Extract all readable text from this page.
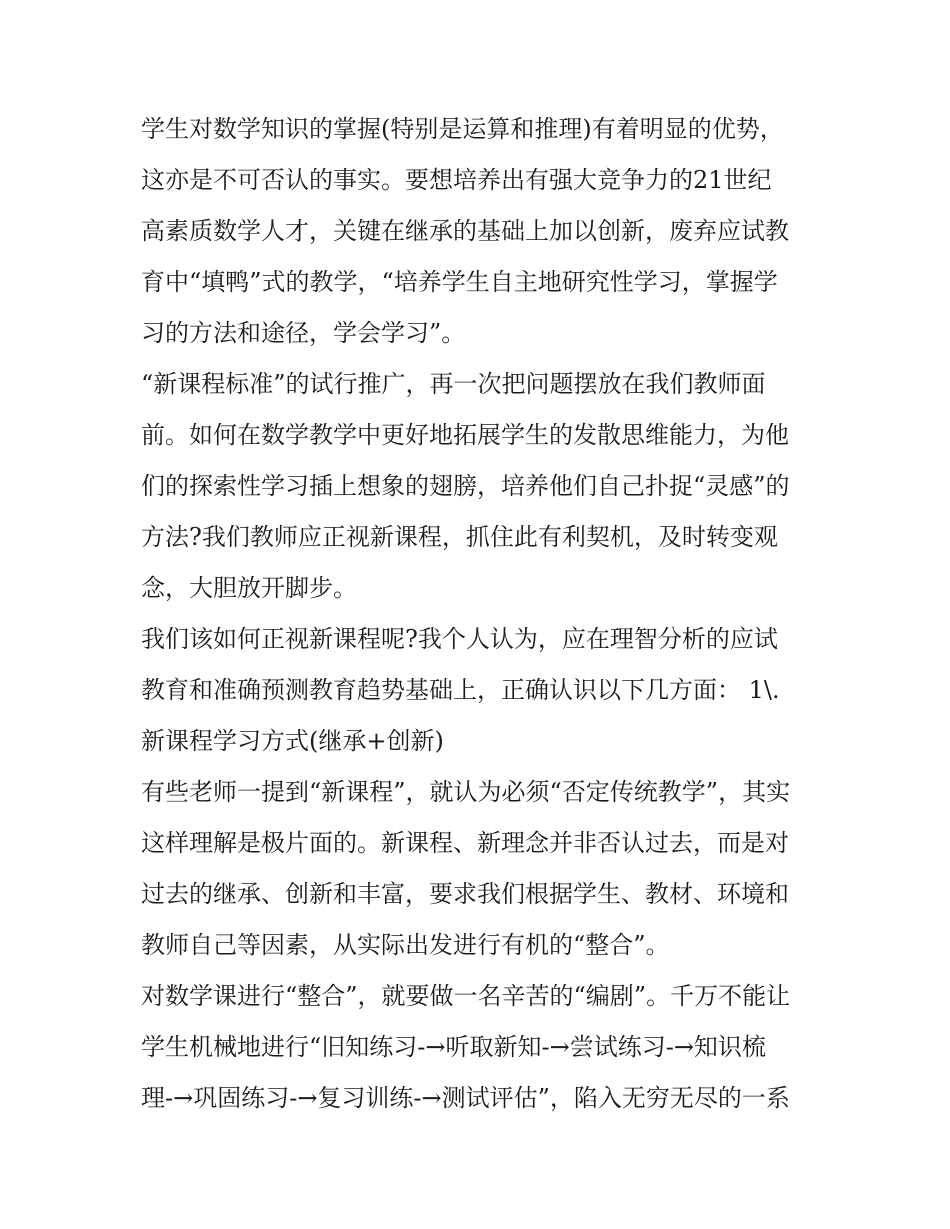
学生对数学知识的掌握(特别是运算和推理)有着明显的优势，
这亦是不可否认的事实。要想培养出有强大竞争力的21世纪
高素质数学人才，关键在继承的基础上加以创新，废弃应试教
育中“填鸭”式的教学，“培养学生自主地研究性学习，掌握学
习的方法和途径，学会学习”。
“新课程标准”的试行推广，再一次把问题摆放在我们教师面
前。如何在数学教学中更好地拓展学生的发散思维能力，为他
们的探索性学习插上想象的翅膀，培养他们自己扑捉“灵感”的
方法?我们教师应正视新课程，抓住此有利契机，及时转变观
念，大胆放开脚步。
我们该如何正视新课程呢?我个人认为，应在理智分析的应试
教育和准确预测教育趋势基础上，正确认识以下几方面： 1\.
新课程学习方式(继承+创新)
有些老师一提到“新课程”，就认为必须“否定传统教学”，其实
这样理解是极片面的。新课程、新理念并非否认过去，而是对
过去的继承、创新和丰富，要求我们根据学生、教材、环境和
教师自己等因素，从实际出发进行有机的“整合”。
对数学课进行“整合”，就要做一名辛苦的“编剧”。千万不能让
学生机械地进行“旧知练习-→听取新知-→尝试练习-→知识梳
理-→巩固练习-→复习训练-→测试评估”，陷入无穷无尽的一系
